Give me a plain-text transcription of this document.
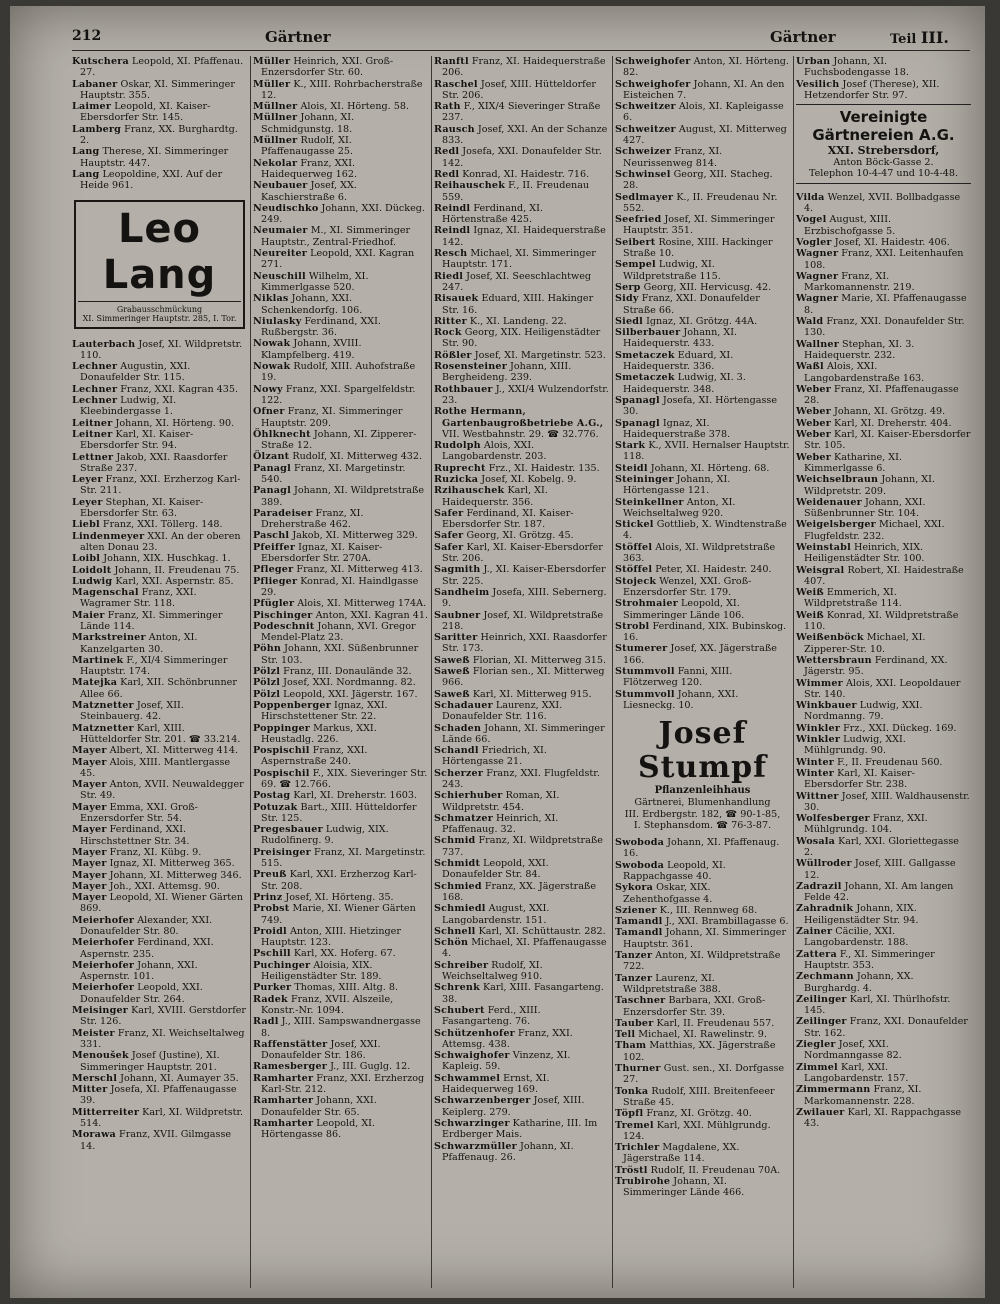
212	Gärtner	Gärtner	Teil III.

Kutschera Leopold, XI. Pfaffenau. 27.

Labaner Oskar, XI. Simmeringer Hauptstr. 355.

Laimer Leopold, XI. Kaiser-Ebersdorfer Str. 145.

Lamberg Franz, XX. Burghardtg. 2.

Lang Therese, XI. Simmeringer Hauptstr. 447.

Lang Leopoldine, XXI. Auf der Heide 961.

Leo Lang
Grabausschmückung
XI. Simmeringer Hauptstr. 285, I. Tor.

Lauterbach Josef, XI. Wildpretstr. 110.

Lechner Augustin, XXI. Donaufelder Str. 115.

Lechner Franz, XXI. Kagran 435.

Lechner Ludwig, XI. Kleebindergasse 1.

Leitner Johann, XI. Hörteng. 90.

Leitner Karl, XI. Kaiser-Ebersdorfer Str. 94.

Lettner Jakob, XXI. Raasdorfer Straße 237.

Leyer Franz, XXI. Erzherzog Karl-Str. 211.

Leyer Stephan, XI. Kaiser-Ebersdorfer Str. 63.

Liebl Franz, XXI. Töllerg. 148.

Lindenmeyer XXI. An der oberen alten Donau 23.

Loibl Johann, XIX. Huschkag. 1.

Loidolt Johann, II. Freudenau 75.

Ludwig Karl, XXI. Aspernstr. 85.

Magenschal Franz, XXI. Wagramer Str. 118.

Maier Franz, XI. Simmeringer Lände 114.

Markstreiner Anton, XI. Kanzelgarten 30.

Martinek F., XI/4 Simmeringer Hauptstr. 174.

Matejka Karl, XII. Schönbrunner Allee 66.

Matznetter Josef, XII. Steinbauerg. 42.

Matznetter Karl, XIII. Hütteldorfer Str. 201. ☎ 33.214.

Mayer Albert, XI. Mitterweg 414.

Mayer Alois, XIII. Mantlergasse 45.

Mayer Anton, XVII. Neuwaldegger Str. 49.

Mayer Emma, XXI. Groß-Enzersdorfer Str. 54.

Mayer Ferdinand, XXI. Hirschstettner Str. 34.

Mayer Franz, XI. Kübg. 9.

Mayer Ignaz, XI. Mitterweg 365.

Mayer Johann, XI. Mitterweg 346.

Mayer Joh., XXI. Attemsg. 90.

Mayer Leopold, XI. Wiener Gärten 869.

Meierhofer Alexander, XXI. Donaufelder Str. 80.

Meierhofer Ferdinand, XXI. Aspernstr. 235.

Meierhofer Johann, XXI. Aspernstr. 101.

Meierhofer Leopold, XXI. Donaufelder Str. 264.

Meisinger Karl, XVIII. Gerstdorfer Str. 126.

Meister Franz, XI. Weichseltalweg 331.

Menoušek Josef (Justine), XI. Simmeringer Hauptstr. 201.

Merschl Johann, XI. Aumayer 35.

Mitter Josefa, XI. Pfaffenaugasse 39.

Mitterreiter Karl, XI. Wildpretstr. 514.

Morawa Franz, XVII. Gilmgasse 14.

Müller Heinrich, XXI. Groß-Enzersdorfer Str. 60.

Müller K., XIII. Rohrbacherstraße 12.

Müllner Alois, XI. Hörteng. 58.

Müllner Johann, XI. Schmidgunstg. 18.

Müllner Rudolf, XI. Pfaffenaugasse 25.

Nekolar Franz, XXI. Haidequerweg 162.

Neubauer Josef, XX. Kaschierstraße 6.

Neudischko Johann, XXI. Dückeg. 249.

Neumaier M., XI. Simmeringer Hauptstr., Zentral-Friedhof.

Neureiter Leopold, XXI. Kagran 271.

Neuschill Wilhelm, XI. Kimmerlgasse 520.

Niklas Johann, XXI. Schenkendorfg. 106.

Niulasky Ferdinand, XXI. Rußbergstr. 36.

Nowak Johann, XVIII. Klampfelberg. 419.

Nowak Rudolf, XIII. Auhofstraße 19.

Nowy Franz, XXI. Spargelfeldstr. 122.

Ofner Franz, XI. Simmeringer Hauptstr. 209.

Öhlknecht Johann, XI. Zipperer-Straße 12.

Ölzant Rudolf, XI. Mitterweg 432.

Panagl Franz, XI. Margetinstr. 540.

Panagl Johann, XI. Wildpretstraße 389.

Paradeiser Franz, XI. Dreherstraße 462.

Paschl Jakob, XI. Mitterweg 329.

Pfeiffer Ignaz, XI. Kaiser-Ebersdorfer Str. 270A.

Pfleger Franz, XI. Mitterweg 413.

Pflieger Konrad, XI. Haindlgasse 29.

Pfügler Alois, XI. Mitterweg 174A.

Pischinger Anton, XXI. Kagran 41.

Podeschnit Johann, XVI. Gregor Mendel-Platz 23.

Pöhn Johann, XXI. Süßenbrunner Str. 103.

Pölzl Franz, III. Donaulände 32.

Pölzl Josef, XXI. Nordmanng. 82.

Pölzl Leopold, XXI. Jägerstr. 167.

Poppenberger Ignaz, XXI. Hirschstettener Str. 22.

Poppinger Markus, XXI. Heustadlg. 226.

Pospischil Franz, XXI. Aspernstraße 240.

Pospischil F., XIX. Sieveringer Str. 69. ☎ 12.766.

Postag Karl, XI. Dreherstr. 1603.

Potuzak Bart., XIII. Hütteldorfer Str. 125.

Pregesbauer Ludwig, XIX. Rudolfinerg. 9.

Preisinger Franz, XI. Margetinstr. 515.

Preuß Karl, XXI. Erzherzog Karl-Str. 208.

Prinz Josef, XI. Hörteng. 35.

Probst Marie, XI. Wiener Gärten 749.

Proidl Anton, XIII. Hietzinger Hauptstr. 123.

Pschill Karl, XX. Hoferg. 67.

Puchinger Aloisia, XIX. Heiligenstädter Str. 189.

Purker Thomas, XIII. Altg. 8.

Radek Franz, XVII. Alszeile, Konstr.-Nr. 1094.

Radl J., XIII. Sampswandnergasse 8.

Raffenstätter Josef, XXI. Donaufelder Str. 186.

Ramesberger J., III. Guglg. 12.

Ramharter Franz, XXI. Erzherzog Karl-Str. 212.

Ramharter Johann, XXI. Donaufelder Str. 65.

Ramharter Leopold, XI. Hörtengasse 86.

Ranftl Franz, XI. Haidequerstraße 206.

Raschel Josef, XIII. Hütteldorfer Str. 206.

Rath F., XIX/4 Sieveringer Straße 237.

Rausch Josef, XXI. An der Schanze 833.

Redl Josefa, XXI. Donaufelder Str. 142.

Redl Konrad, XI. Haidestr. 716.

Reihauschek F., II. Freudenau 559.

Reindl Ferdinand, XI. Hörtenstraße 425.

Reindl Ignaz, XI. Haidequerstraße 142.

Resch Michael, XI. Simmeringer Hauptstr. 171.

Riedl Josef, XI. Seeschlachtweg 247.

Risauek Eduard, XIII. Hakinger Str. 16.

Ritter K., XI. Landeng. 22.

Rock Georg, XIX. Heiligenstädter Str. 90.

Rößler Josef, XI. Margetinstr. 523.

Rosensteiner Johann, XIII. Bergheideng. 239.

Rothbauer J., XXI/4 Wulzendorfstr. 23.

Rothe Hermann, Gartenbaugroßbetriebe A.G., VII. Westbahnstr. 29. ☎ 32.776.

Rudolph Alois, XXI. Langobardenstr. 203.

Ruprecht Frz., XI. Haidestr. 135.

Ruzicka Josef, XI. Kobelg. 9.

Rzihauschek Karl, XI. Haidequerstr. 356.

Safer Ferdinand, XI. Kaiser-Ebersdorfer Str. 187.

Safer Georg, XI. Grötzg. 45.

Safer Karl, XI. Kaiser-Ebersdorfer Str. 206.

Sagmith J., XI. Kaiser-Ebersdorfer Str. 225.

Sandheim Josefa, XIII. Sebernerg. 9.

Saubner Josef, XI. Wildpretstraße 218.

Saritter Heinrich, XXI. Raasdorfer Str. 173.

Saweß Florian, XI. Mitterweg 315.

Saweß Florian sen., XI. Mitterweg 966.

Saweß Karl, XI. Mitterweg 915.

Schadauer Laurenz, XXI. Donaufelder Str. 116.

Schaden Johann, XI. Simmeringer Lände 66.

Schandl Friedrich, XI. Hörtengasse 21.

Scherzer Franz, XXI. Flugfeldstr. 243.

Schierhuber Roman, XI. Wildpretstr. 454.

Schmatzer Heinrich, XI. Pfaffenaug. 32.

Schmid Franz, XI. Wildpretstraße 737.

Schmidt Leopold, XXI. Donaufelder Str. 84.

Schmied Franz, XX. Jägerstraße 168.

Schmiedl August, XXI. Langobardenstr. 151.

Schnell Karl, XI. Schüttaustr. 282.

Schön Michael, XI. Pfaffenaugasse 4.

Schreiber Rudolf, XI. Weichseltalweg 910.

Schrenk Karl, XIII. Fasangarteng. 38.

Schubert Ferd., XIII. Fasangarteng. 76.

Schützenhofer Franz, XXI. Attemsg. 438.

Schwaighofer Vinzenz, XI. Kapleig. 59.

Schwammel Ernst, XI. Haidequerweg 169.

Schwarzenberger Josef, XIII. Keiplerg. 279.

Schwarzinger Katharine, III. Im Erdberger Mais.

Schwarzmüller Johann, XI. Pfaffenaug. 26.

Schweighofer Anton, XI. Hörteng. 82.

Schweighofer Johann, XI. An den Eisteichen 7.

Schweitzer Alois, XI. Kapleigasse 6.

Schweitzer August, XI. Mitterweg 427.

Schweizer Franz, XI. Neurissenweg 814.

Schwinsel Georg, XII. Stacheg. 28.

Sedlmayer K., II. Freudenau Nr. 552.

Seefried Josef, XI. Simmeringer Hauptstr. 351.

Seibert Rosine, XIII. Hackinger Straße 10.

Sempel Ludwig, XI. Wildpretstraße 115.

Serp Georg, XII. Hervicusg. 42.

Sidy Franz, XXI. Donaufelder Straße 66.

Siedl Ignaz, XI. Grötzg. 44A.

Silberbauer Johann, XI. Haidequerstr. 433.

Smetaczek Eduard, XI. Haidequerstr. 336.

Smetaczek Ludwig, XI. 3. Haidequerstr. 348.

Spanagl Josefa, XI. Hörtengasse 30.

Spanagl Ignaz, XI. Haidequerstraße 378.

Stark K., XVII. Hernalser Hauptstr. 118.

Steidl Johann, XI. Hörteng. 68.

Steininger Johann, XI. Hörtengasse 121.

Steinkellner Anton, XI. Weichseltalweg 920.

Stickel Gottlieb, X. Windtenstraße 4.

Stöffel Alois, XI. Wildpretstraße 363.

Stöffel Peter, XI. Haidestr. 240.

Stojeck Wenzel, XXI. Groß-Enzersdorfer Str. 179.

Strohmaier Leopold, XI. Simmeringer Lände 106.

Strobl Ferdinand, XIX. Bubinskog. 16.

Stumerer Josef, XX. Jägerstraße 166.

Stummvoll Fanni, XIII. Flötzerweg 120.

Stummvoll Johann, XXI. Liesneckg. 10.

Josef Stumpf
Pflanzenleihhaus
Gärtnerei, Blumenhandlung
III. Erdbergstr. 182, ☎ 90-1-85,
I. Stephansdom. ☎ 76-3-87.

Swoboda Johann, XI. Pfaffenaug. 16.

Swoboda Leopold, XI. Rappachgasse 40.

Sykora Oskar, XIX. Zehenthofgasse 4.

Sziener K., III. Rennweg 68.

Tamandl J., XXI. Brambillagasse 6.

Tamandl Johann, XI. Simmeringer Hauptstr. 361.

Tanzer Anton, XI. Wildpretstraße 722.

Tanzer Laurenz, XI. Wildpretstraße 388.

Taschner Barbara, XXI. Groß-Enzersdorfer Str. 39.

Tauber Karl, II. Freudenau 557.

Tell Michael, XI. Rawelinstr. 9.

Tham Matthias, XX. Jägerstraße 102.

Thurner Gust. sen., XI. Dorfgasse 27.

Tonka Rudolf, XIII. Breitenfeeer Straße 45.

Töpfl Franz, XI. Grötzg. 40.

Tremel Karl, XXI. Mühlgrundg. 124.

Trichler Magdalene, XX. Jägerstraße 114.

Tröstl Rudolf, II. Freudenau 70A.

Trubirohe Johann, XI. Simmeringer Lände 466.

Urban Johann, XI. Fuchsbodengasse 18.

Vesilich Josef (Therese), XII. Hetzendorfer Str. 97.

Vereinigte Gärtnereien A.G.
XXI. Strebersdorf,
Anton Böck-Gasse 2.
Telephon 10-4-47 und 10-4-48.

Vilda Wenzel, XVII. Bollbadgasse 4.

Vogel August, XIII. Erzbischofgasse 5.

Vogler Josef, XI. Haidestr. 406.

Wagner Franz, XXI. Leitenhaufen 108.

Wagner Franz, XI. Markomannenstr. 219.

Wagner Marie, XI. Pfaffenaugasse 8.

Wald Franz, XXI. Donaufelder Str. 130.

Wallner Stephan, XI. 3. Haidequerstr. 232.

Waßl Alois, XXI. Langobardenstraße 163.

Weber Franz, XI. Pfaffenaugasse 28.

Weber Johann, XI. Grötzg. 49.

Weber Karl, XI. Dreherstr. 404.

Weber Karl, XI. Kaiser-Ebersdorfer Str. 105.

Weber Katharine, XI. Kimmerlgasse 6.

Weichselbraun Johann, XI. Wildpretstr. 209.

Weidenauer Johann, XXI. Süßenbrunner Str. 104.

Weigelsberger Michael, XXI. Flugfeldstr. 232.

Weinstabl Heinrich, XIX. Heiligenstädter Str. 100.

Weisgral Robert, XI. Haidestraße 407.

Weiß Emmerich, XI. Wildpretstraße 114.

Weiß Konrad, XI. Wildpretstraße 110.

Weißenböck Michael, XI. Zipperer-Str. 10.

Wettersbraun Ferdinand, XX. Jägerstr. 95.

Wimmer Alois, XXI. Leopoldauer Str. 140.

Winkbauer Ludwig, XXI. Nordmanng. 79.

Winkler Frz., XXI. Dückeg. 169.

Winkler Ludwig, XXI. Mühlgrundg. 90.

Winter F., II. Freudenau 560.

Winter Karl, XI. Kaiser-Ebersdorfer Str. 238.

Wittner Josef, XIII. Waldhausenstr. 30.

Wolfesberger Franz, XXI. Mühlgrundg. 104.

Wosala Karl, XXI. Gloriettegasse 2.

Wüllroder Josef, XIII. Gallgasse 12.

Zadrazil Johann, XI. Am langen Felde 42.

Zahradnik Johann, XIX. Heiligenstädter Str. 94.

Zainer Cäcilie, XXI. Langobardenstr. 188.

Zattera F., XI. Simmeringer Hauptstr. 353.

Zechmann Johann, XX. Burghardg. 4.

Zeilinger Karl, XI. Thürlhofstr. 145.

Zeilinger Franz, XXI. Donaufelder Str. 162.

Ziegler Josef, XXI. Nordmanngasse 82.

Zimmel Karl, XXI. Langobardenstr. 157.

Zimmermann Franz, XI. Markomannenstr. 228.

Zwilauer Karl, XI. Rappachgasse 43.
